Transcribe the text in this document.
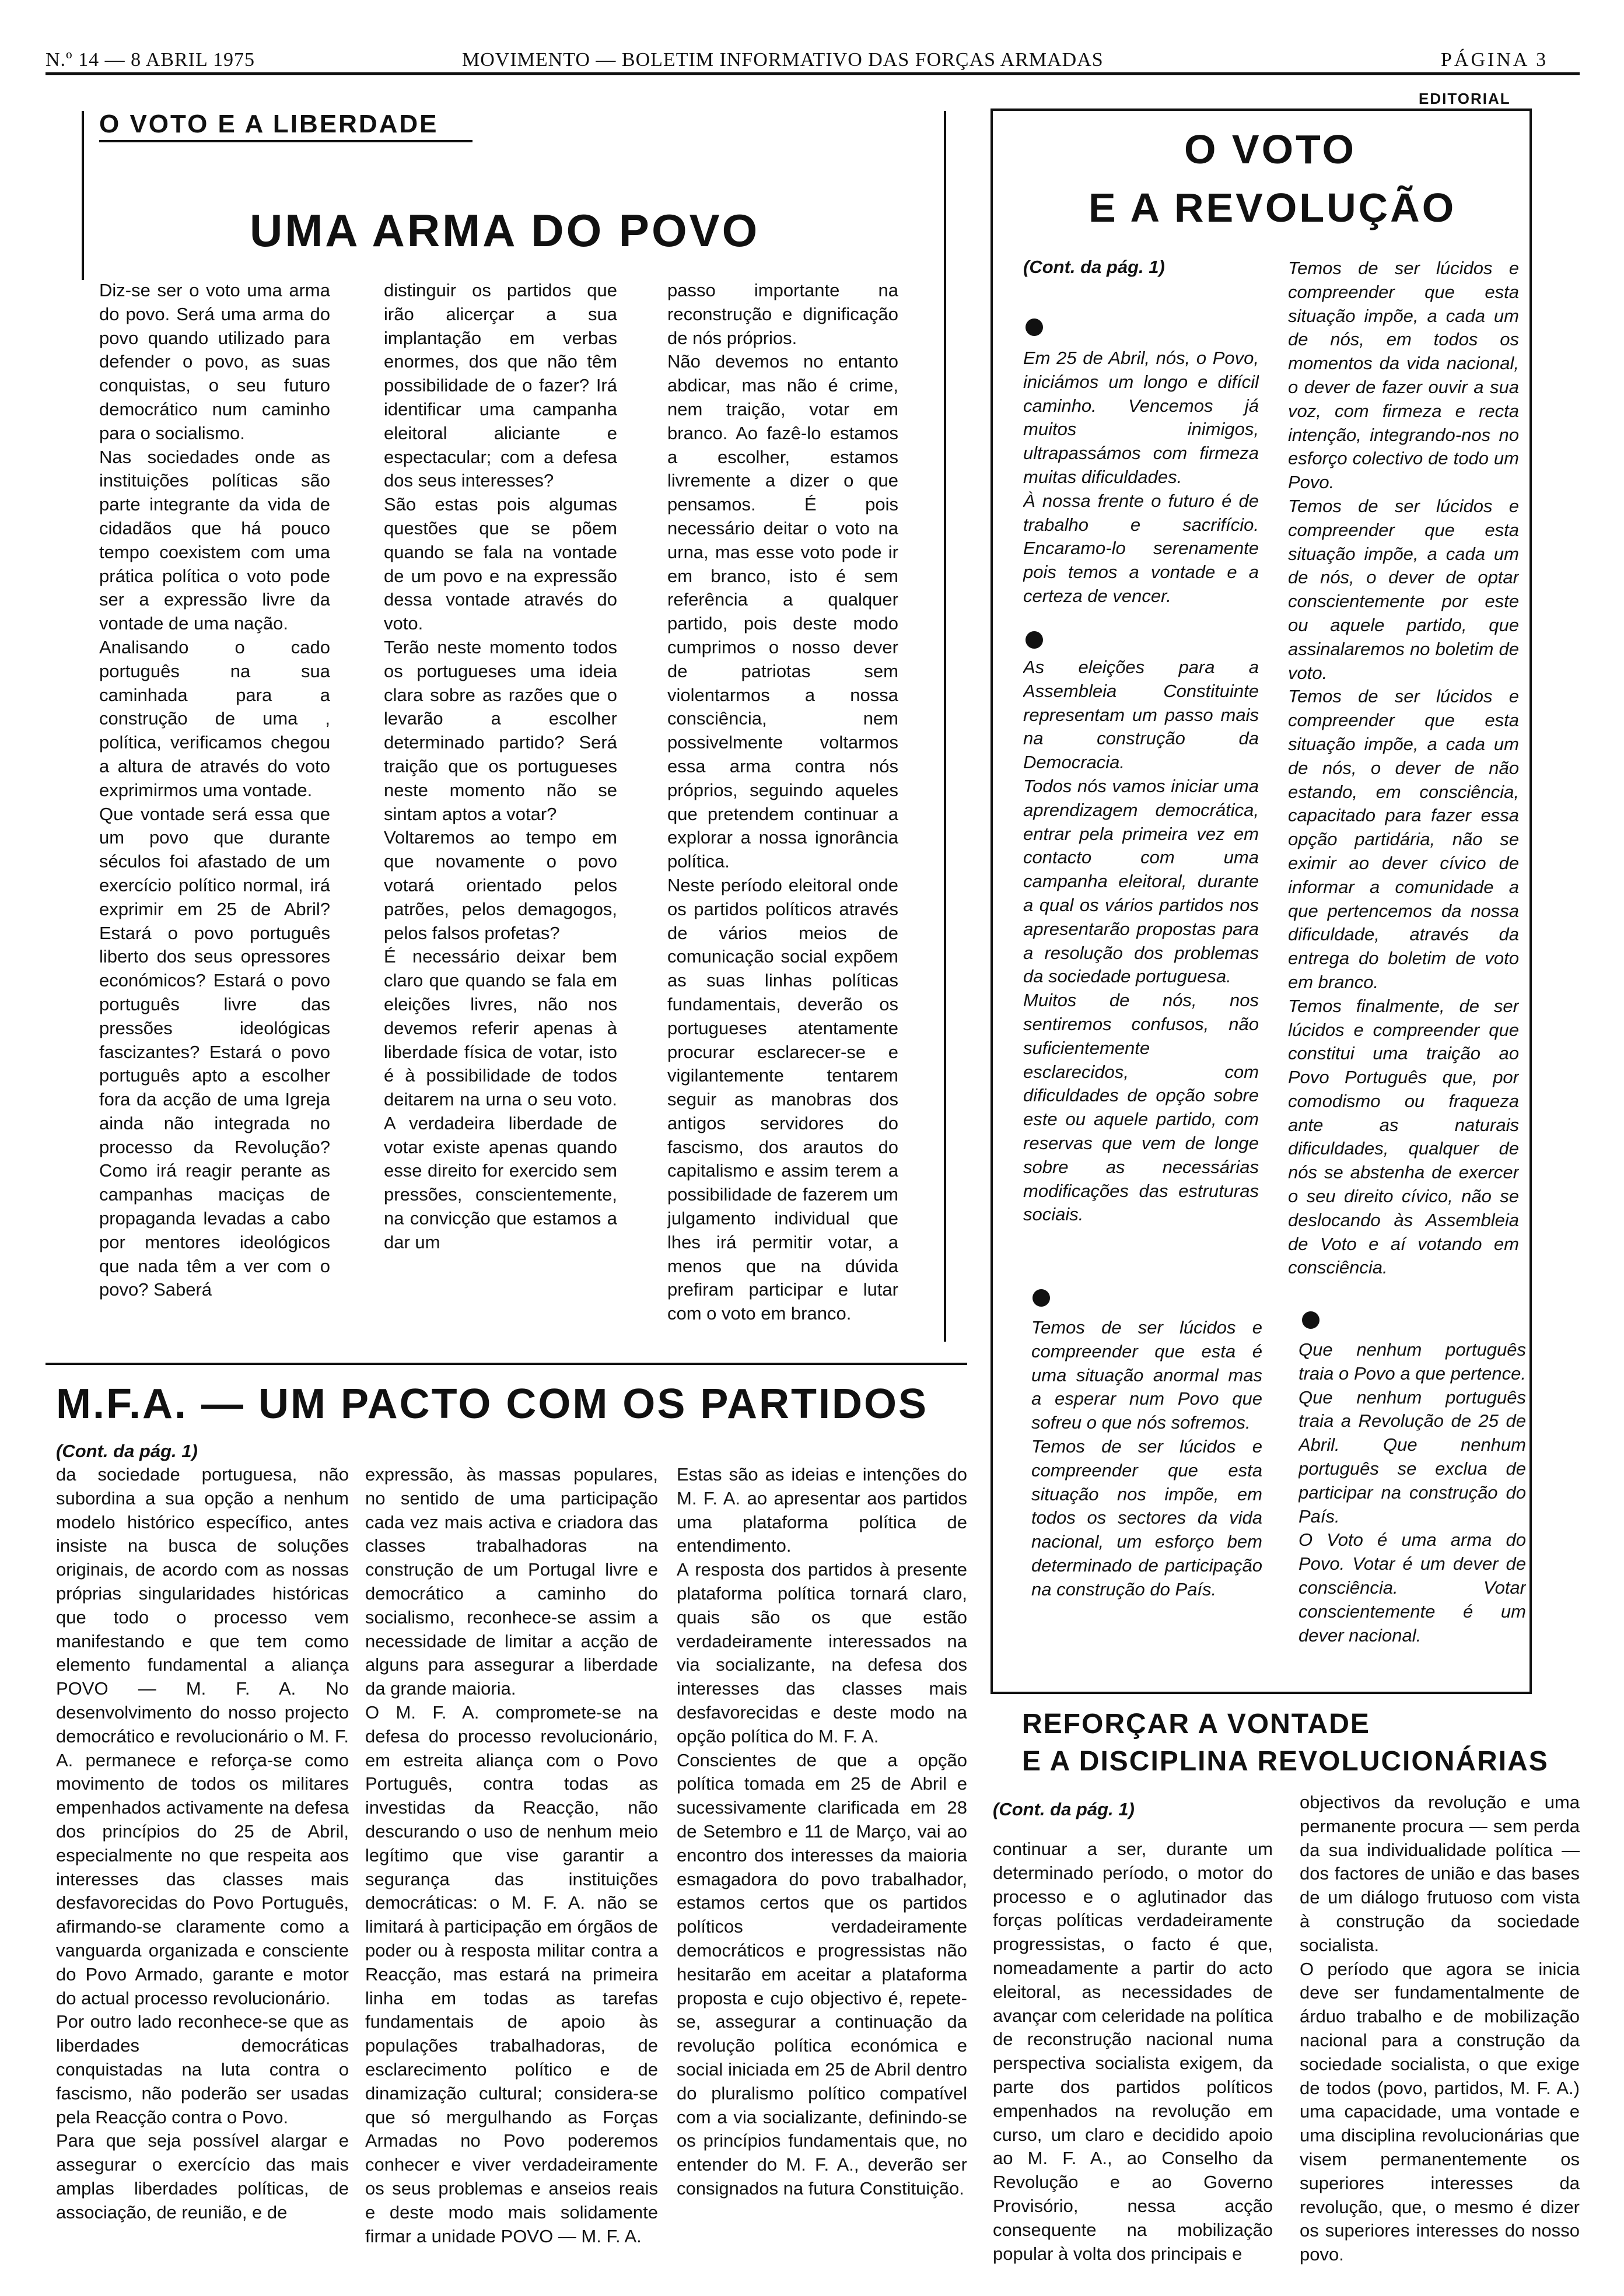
N.º 14 — 8 ABRIL 1975	MOVIMENTO — BOLETIM INFORMATIVO DAS FORÇAS ARMADAS	PÁGINA 3
O VOTO E A LIBERDADE
UMA ARMA DO POVO
Diz-se ser o voto uma arma do povo. Será uma arma do povo quando utilizado para defender o povo, as suas conquistas, o seu futuro democrático num caminho para o socialismo.
Nas sociedades onde as instituições políticas são parte integrante da vida de cidadãos que há pouco tempo coexistem com uma prática política o voto pode ser a expressão livre da vontade de uma nação.
Analisando o cado português na sua caminhada para a construção de uma , política, verificamos chegou a altura de através do voto exprimirmos uma vontade.
Que vontade será essa que um povo que durante séculos foi afastado de um exercício político normal, irá exprimir em 25 de Abril? Estará o povo português liberto dos seus opressores económicos? Estará o povo português livre das pressões ideológicas fascizantes? Estará o povo português apto a escolher fora da acção de uma Igreja ainda não integrada no processo da Revolução? Como irá reagir perante as campanhas maciças de propaganda levadas a cabo por mentores ideológicos que nada têm a ver com o povo? Saberá
distinguir os partidos que irão alicerçar a sua implantação em verbas enormes, dos que não têm possibilidade de o fazer? Irá identificar uma campanha eleitoral aliciante e espectacular; com a defesa dos seus interesses?
São estas pois algumas questões que se põem quando se fala na vontade de um povo e na expressão dessa vontade através do voto.
Terão neste momento todos os portugueses uma ideia clara sobre as razões que o levarão a escolher determinado partido? Será traição que os portugueses neste momento não se sintam aptos a votar?
Voltaremos ao tempo em que novamente o povo votará orientado pelos patrões, pelos demagogos, pelos falsos profetas?
É necessário deixar bem claro que quando se fala em eleições livres, não nos devemos referir apenas à liberdade física de votar, isto é à possibilidade de todos deitarem na urna o seu voto. A verdadeira liberdade de votar existe apenas quando esse direito for exercido sem pressões, conscientemente, na convicção que estamos a dar um
passo importante na reconstrução e dignificação de nós próprios.
Não devemos no entanto abdicar, mas não é crime, nem traição, votar em branco. Ao fazê-lo estamos a escolher, estamos livremente a dizer o que pensamos. É pois necessário deitar o voto na urna, mas esse voto pode ir em branco, isto é sem referência a qualquer partido, pois deste modo cumprimos o nosso dever de patriotas sem violentarmos a nossa consciência, nem possivelmente voltarmos essa arma contra nós próprios, seguindo aqueles que pretendem continuar a explorar a nossa ignorância política.
Neste período eleitoral onde os partidos políticos através de vários meios de comunicação social expõem as suas linhas políticas fundamentais, deverão os portugueses atentamente procurar esclarecer-se e vigilantemente tentarem seguir as manobras dos antigos servidores do fascismo, dos arautos do capitalismo e assim terem a possibilidade de fazerem um julgamento individual que lhes irá permitir votar, a menos que na dúvida prefiram participar e lutar com o voto em branco.
EDITORIAL
O VOTO
E A REVOLUÇÃO
(Cont. da pág. 1)
Em 25 de Abril, nós, o Povo, iniciámos um longo e difícil caminho. Vencemos já muitos inimigos, ultrapassámos com firmeza muitas dificuldades.
À nossa frente o futuro é de trabalho e sacrifício. Encaramo-lo serenamente pois temos a vontade e a certeza de vencer.
As eleições para a Assembleia Constituinte representam um passo mais na construção da Democracia.
Todos nós vamos iniciar uma aprendizagem democrática, entrar pela primeira vez em contacto com uma campanha eleitoral, durante a qual os vários partidos nos apresentarão propostas para a resolução dos problemas da sociedade portuguesa.
Muitos de nós, nos sentiremos confusos, não suficientemente esclarecidos, com dificuldades de opção sobre este ou aquele partido, com reservas que vem de longe sobre as necessárias modificações das estruturas sociais.
Temos de ser lúcidos e compreender que esta é uma situação anormal mas a esperar num Povo que sofreu o que nós sofremos.
Temos de ser lúcidos e compreender que esta situação nos impõe, em todos os sectores da vida nacional, um esforço bem determinado de participação na construção do País.
Temos de ser lúcidos e compreender que esta situação impõe, a cada um de nós, em todos os momentos da vida nacional, o dever de fazer ouvir a sua voz, com firmeza e recta intenção, integrando-nos no esforço colectivo de todo um Povo.
Temos de ser lúcidos e compreender que esta situação impõe, a cada um de nós, o dever de optar conscientemente por este ou aquele partido, que assinalaremos no boletim de voto.
Temos de ser lúcidos e compreender que esta situação impõe, a cada um de nós, o dever de não estando, em consciência, capacitado para fazer essa opção partidária, não se eximir ao dever cívico de informar a comunidade a que pertencemos da nossa dificuldade, através da entrega do boletim de voto em branco.
Temos finalmente, de ser lúcidos e compreender que constitui uma traição ao Povo Português que, por comodismo ou fraqueza ante as naturais dificuldades, qualquer de nós se abstenha de exercer o seu direito cívico, não se deslocando às Assembleia de Voto e aí votando em consciência.
Que nenhum português traia o Povo a que pertence. Que nenhum português traia a Revolução de 25 de Abril. Que nenhum português se exclua de participar na construção do País.
O Voto é uma arma do Povo. Votar é um dever de consciência. Votar conscientemente é um dever nacional.
M.F.A. — UM PACTO COM OS PARTIDOS
(Cont. da pág. 1)
da sociedade portuguesa, não subordina a sua opção a nenhum modelo histórico específico, antes insiste na busca de soluções originais, de acordo com as nossas próprias singularidades históricas que todo o processo vem manifestando e que tem como elemento fundamental a aliança POVO — M. F. A. No desenvolvimento do nosso projecto democrático e revolucionário o M. F. A. permanece e reforça-se como movimento de todos os militares empenhados activamente na defesa dos princípios do 25 de Abril, especialmente no que respeita aos interesses das classes mais desfavorecidas do Povo Português, afirmando-se claramente como a vanguarda organizada e consciente do Povo Armado, garante e motor do actual processo revolucionário.
Por outro lado reconhece-se que as liberdades democráticas conquistadas na luta contra o fascismo, não poderão ser usadas pela Reacção contra o Povo.
Para que seja possível alargar e assegurar o exercício das mais amplas liberdades políticas, de associação, de reunião, e de
expressão, às massas populares, no sentido de uma participação cada vez mais activa e criadora das classes trabalhadoras na construção de um Portugal livre e democrático a caminho do socialismo, reconhece-se assim a necessidade de limitar a acção de alguns para assegurar a liberdade da grande maioria.
O M. F. A. compromete-se na defesa do processo revolucionário, em estreita aliança com o Povo Português, contra todas as investidas da Reacção, não descurando o uso de nenhum meio legítimo que vise garantir a segurança das instituições democráticas: o M. F. A. não se limitará à participação em órgãos de poder ou à resposta militar contra a Reacção, mas estará na primeira linha em todas as tarefas fundamentais de apoio às populações trabalhadoras, de esclarecimento político e de dinamização cultural; considera-se que só mergulhando as Forças Armadas no Povo poderemos conhecer e viver verdadeiramente os seus problemas e anseios reais e deste modo mais solidamente firmar a unidade POVO — M. F. A.
Estas são as ideias e intenções do M. F. A. ao apresentar aos partidos uma plataforma política de entendimento.
A resposta dos partidos à presente plataforma política tornará claro, quais são os que estão verdadeiramente interessados na via socializante, na defesa dos interesses das classes mais desfavorecidas e deste modo na opção política do M. F. A.
Conscientes de que a opção política tomada em 25 de Abril e sucessivamente clarificada em 28 de Setembro e 11 de Março, vai ao encontro dos interesses da maioria esmagadora do povo trabalhador, estamos certos que os partidos políticos verdadeiramente democráticos e progressistas não hesitarão em aceitar a plataforma proposta e cujo objectivo é, repete-se, assegurar a continuação da revolução política económica e social iniciada em 25 de Abril dentro do pluralismo político compatível com a via socializante, definindo-se os princípios fundamentais que, no entender do M. F. A., deverão ser consignados na futura Constituição.
REFORÇAR A VONTADE
E A DISCIPLINA REVOLUCIONÁRIAS
(Cont. da pág. 1)
continuar a ser, durante um determinado período, o motor do processo e o aglutinador das forças políticas verdadeiramente progressistas, o facto é que, nomeadamente a partir do acto eleitoral, as necessidades de avançar com celeridade na política de reconstrução nacional numa perspectiva socialista exigem, da parte dos partidos políticos empenhados na revolução em curso, um claro e decidido apoio ao M. F. A., ao Conselho da Revolução e ao Governo Provisório, nessa acção consequente na mobilização popular à volta dos principais e
objectivos da revolução e uma permanente procura — sem perda da sua individualidade política — dos factores de união e das bases de um diálogo frutuoso com vista à construção da sociedade socialista.
O período que agora se inicia deve ser fundamentalmente de árduo trabalho e de mobilização nacional para a construção da sociedade socialista, o que exige de todos (povo, partidos, M. F. A.) uma capacidade, uma vontade e uma disciplina revolucionárias que visem permanentemente os superiores interesses da revolução, que, o mesmo é dizer os superiores interesses do nosso povo.
